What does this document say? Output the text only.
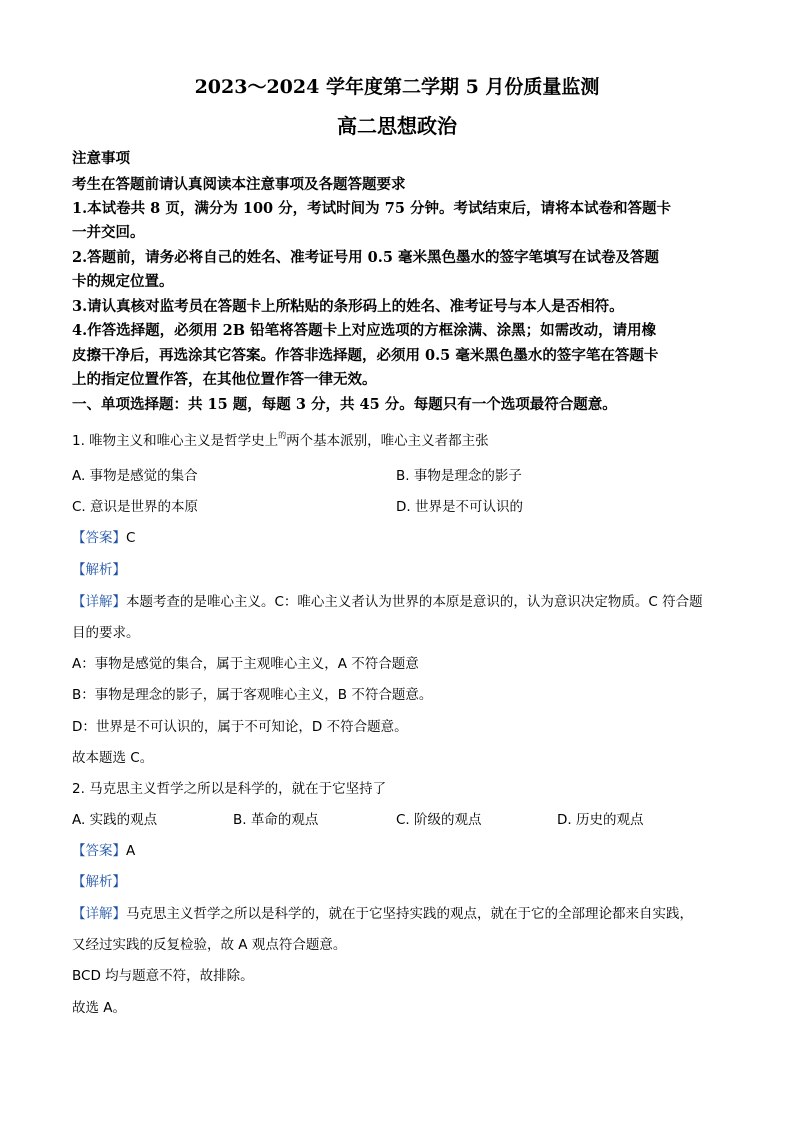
2023～2024 学年度第二学期 5 月份质量监测
高二思想政治
注意事项
考生在答题前请认真阅读本注意事项及各题答题要求
1.本试卷共 8 页，满分为 100 分，考试时间为 75 分钟。考试结束后，请将本试卷和答题卡
一并交回。
2.答题前，请务必将自己的姓名、准考证号用 0.5 毫米黑色墨水的签字笔填写在试卷及答题
卡的规定位置。
3.请认真核对监考员在答题卡上所粘贴的条形码上的姓名、准考证号与本人是否相符。
4.作答选择题，必须用 2B 铅笔将答题卡上对应选项的方框涂满、涂黑；如需改动，请用橡
皮擦干净后，再选涂其它答案。作答非选择题，必须用 0.5 毫米黑色墨水的签字笔在答题卡
上的指定位置作答，在其他位置作答一律无效。
一、单项选择题：共 15 题，每题 3 分，共 45 分。每题只有一个选项最符合题意。
1. 唯物主义和唯心主义是哲学史上$^的$两个基本派别，唯心主义者都主张
A. 事物是感觉的集合	B. 事物是理念的影子
C. 意识是世界的本原	D. 世界是不可认识的
【答案】C
【解析】
【详解】本题考查的是唯心主义。C：唯心主义者认为世界的本原是意识的，认为意识决定物质。C 符合题
目的要求。
A：事物是感觉的集合，属于主观唯心主义，A 不符合题意
B：事物是理念的影子，属于客观唯心主义，B 不符合题意。
D：世界是不可认识的，属于不可知论，D 不符合题意。
故本题选 C。
2. 马克思主义哲学之所以是科学的，就在于它坚持了
A. 实践的观点	B. 革命的观点	C. 阶级的观点	D. 历史的观点
【答案】A
【解析】
【详解】马克思主义哲学之所以是科学的，就在于它坚持实践的观点，就在于它的全部理论都来自实践，
又经过实践的反复检验，故 A 观点符合题意。
BCD 均与题意不符，故排除。
故选 A。
